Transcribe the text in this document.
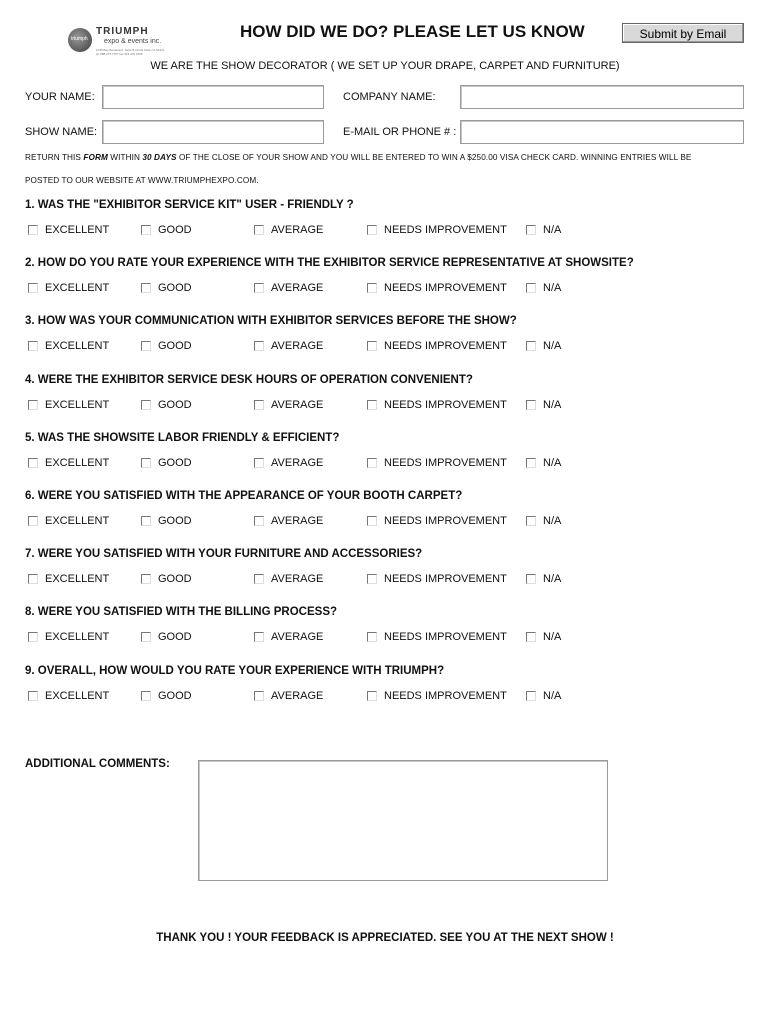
triumph
TRIUMPH
expo & events inc.
1035 Bay Boulevard, Suite B Chula Vista CA 91911 ph 888.270.7797 fax 619.476.1565
HOW DID WE DO? PLEASE LET US KNOW	Submit by Email
WE ARE THE SHOW DECORATOR ( WE SET UP YOUR DRAPE, CARPET AND FURNITURE)
YOUR NAME:	COMPANY NAME:
SHOW NAME:	E-MAIL OR PHONE # :
RETURN THIS FORM WITHIN 30 DAYS OF THE CLOSE OF YOUR SHOW AND YOU WILL BE ENTERED TO WIN A $250.00 VISA CHECK CARD. WINNING ENTRIES WILL BE
POSTED TO OUR WEBSITE AT WWW.TRIUMPHEXPO.COM.
1. WAS THE "EXHIBITOR SERVICE KIT" USER - FRIENDLY ?
EXCELLENT	GOOD	AVERAGE	NEEDS IMPROVEMENT	N/A
2. HOW DO YOU RATE YOUR EXPERIENCE WITH THE EXHIBITOR SERVICE REPRESENTATIVE AT SHOWSITE?
EXCELLENT	GOOD	AVERAGE	NEEDS IMPROVEMENT	N/A
3. HOW WAS YOUR COMMUNICATION WITH EXHIBITOR SERVICES BEFORE THE SHOW?
EXCELLENT	GOOD	AVERAGE	NEEDS IMPROVEMENT	N/A
4. WERE THE EXHIBITOR SERVICE DESK HOURS OF OPERATION CONVENIENT?
EXCELLENT	GOOD	AVERAGE	NEEDS IMPROVEMENT	N/A
5. WAS THE SHOWSITE LABOR FRIENDLY & EFFICIENT?
EXCELLENT	GOOD	AVERAGE	NEEDS IMPROVEMENT	N/A
6. WERE YOU SATISFIED WITH THE APPEARANCE OF YOUR BOOTH CARPET?
EXCELLENT	GOOD	AVERAGE	NEEDS IMPROVEMENT	N/A
7. WERE YOU SATISFIED WITH YOUR FURNITURE AND ACCESSORIES?
EXCELLENT	GOOD	AVERAGE	NEEDS IMPROVEMENT	N/A
8. WERE YOU SATISFIED WITH THE BILLING PROCESS?
EXCELLENT	GOOD	AVERAGE	NEEDS IMPROVEMENT	N/A
9. OVERALL, HOW WOULD YOU RATE YOUR EXPERIENCE WITH TRIUMPH?
EXCELLENT	GOOD	AVERAGE	NEEDS IMPROVEMENT	N/A
ADDITIONAL COMMENTS:
THANK YOU ! YOUR FEEDBACK IS APPRECIATED. SEE YOU AT THE NEXT SHOW !
